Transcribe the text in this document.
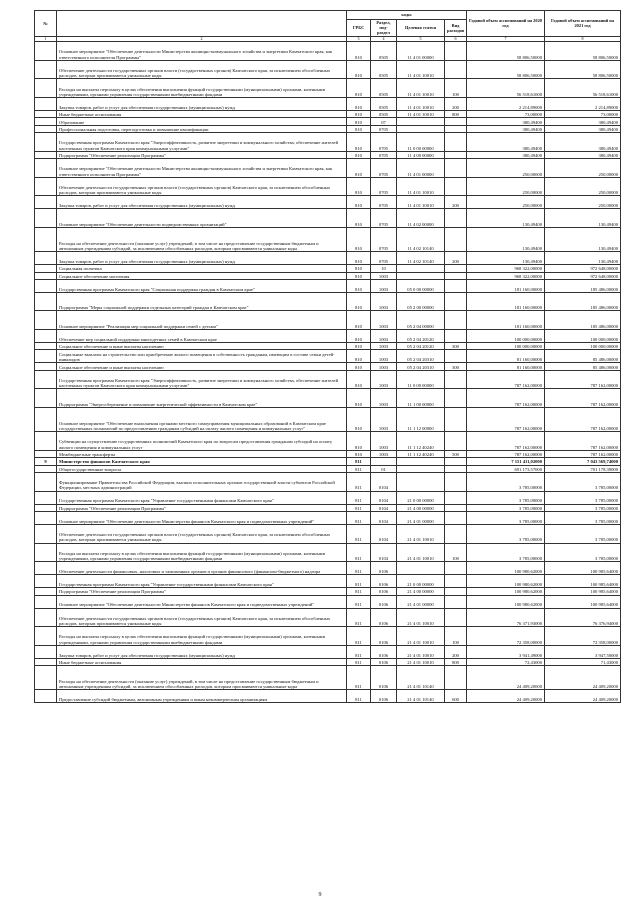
№		коды				Годовой объем ассигнований на 2020 год	Годовой объем ассигнований на 2021 год
		ГРБС	Раздел, под-раздел	Целевая статья	Вид расходов		
1	2	3	4	5	6	7	8
	Основное мероприятие "Обеспечение деятельности Министерства жилищно-коммунального хозяйства и энергетики Камчатского края, как ответственного исполнителя Программы"	810	0505	11 4 01 00000		58 806,50000	58 806,50000
	Обеспечение деятельности государственных органов власти (государственных органов) Камчатского края, за исключением обособленных расходов, которым присваиваются уникальные коды	810	0505	11 4 01 10010		58 806,50000	58 806,50000
	Расходы на выплаты персоналу в целях обеспечения выполнения функций государственными (муниципальными) органами, казенными учреждениями, органами управления государственными внебюджетными фондами	810	0505	11 4 01 10010	100	56 518,61000	56 518,61000
	Закупка товаров, работ и услуг для обеспечения государственных (муниципальных) нужд	810	0505	11 4 01 10010	200	2 214,89000	2 214,89000
	Иные бюджетные ассигнования	810	0505	11 4 01 10010	800	73,00000	73,00000
	Образование	810	07			380,49400	380,49400
	Профессиональная подготовка, переподготовка и повышение квалификации	810	0705			380,49400	380,49400
	Государственная программа Камчатского края "Энергоэффективность, развитие энергетики и коммунального хозяйства, обеспечение жителей населенных пунктов Камчатского края коммунальными услугами"	810	0705	11 0 00 00000		380,49400	380,49400
	Подпрограмма "Обеспечение реализации Программы"	810	0705	11 4 00 00000		380,49400	380,49400
	Основное мероприятие "Обеспечение деятельности Министерства жилищно-коммунального хозяйства и энергетики Камчатского края, как ответственного исполнителя Программы"	810	0705	11 4 01 00000		250,00000	250,00000
	Обеспечение деятельности государственных органов власти (государственных органов) Камчатского края, за исключением обособленных расходов, которым присваиваются уникальные коды	810	0705	11 4 01 10010		250,00000	250,00000
	Закупка товаров, работ и услуг для обеспечения государственных (муниципальных) нужд	810	0705	11 4 01 10010	200	250,00000	250,00000
	Основное мероприятие "Обеспечение деятельности подведомственных организаций"	810	0705	11 4 02 00000		130,49400	130,49400
	Расходы на обеспечение деятельности (оказание услуг) учреждений, в том числе на предоставление государственным бюджетным и автономным учреждениям субсидий, за исключением обособленных расходов, которым присваиваются уникальные коды	810	0705	11 4 02 10140		130,49400	130,49400
	Закупка товаров, работ и услуг для обеспечения государственных (муниципальных) нужд	810	0705	11 4 02 10140	200	130,49400	130,49400
	Социальная политика	810	10			968 322,00000	972 648,00000
	Социальное обеспечение населения	810	1003			968 322,00000	972 648,00000
	Государственная программа Камчатского края "Социальная поддержка граждан в Камчатском крае"	810	1003	05 0 00 00000		181 160,00000	185 486,00000
	Подпрограмма "Меры социальной поддержки отдельных категорий граждан в Камчатском крае"	810	1003	05 2 00 00000		181 160,00000	185 486,00000
	Основное мероприятие "Реализация мер социальной поддержки семей с детьми"	810	1003	05 2 04 00000		181 160,00000	185 486,00000
	Обеспечение мер социальной поддержки многодетных семей в Камчатском крае	810	1003	05 2 04 20120		100 000,00000	100 000,00000
	Социальное обеспечение и иные выплаты населению	810	1003	05 2 04 20120	300	100 000,00000	100 000,00000
	Социальные выплаты на строительство или приобретение жилого помещения в собственность гражданам, имеющим в составе семьи детей-инвалидов	810	1003	05 2 04 20310		81 160,00000	85 486,00000
	Социальное обеспечение и иные выплаты населению	810	1003	05 2 04 20310	300	81 160,00000	85 486,00000
	Государственная программа Камчатского края "Энергоэффективность, развитие энергетики и коммунального хозяйства, обеспечение жителей населенных пунктов Камчатского края коммунальными услугами"	810	1003	11 0 00 00000		787 162,00000	787 162,00000
	Подпрограмма "Энергосбережение и повышение энергетической эффективности в Камчатском крае"	810	1003	11 1 00 00000		787 162,00000	787 162,00000
	Основное мероприятие "Обеспечение выполнения органами местного самоуправления муниципальных образований в Камчатском крае государственных полномочий по предоставлению гражданам субсидий на оплату жилого помещения и коммунальных услуг"	810	1003	11 1 12 00000		787 162,00000	787 162,00000
	Субвенции на осуществление государственных полномочий Камчатского края по вопросам предоставления гражданам субсидий на оплату жилого помещения и коммунальных услуг	810	1003	11 1 12 40240		787 162,00000	787 162,00000
	Межбюджетные трансферты	810	1003	11 1 12 40240	500	787 162,00000	787 162,00000
9	Министерство финансов Камчатского края	811				7 151 411,02000	7 043 569,74000
	Общегосударственные вопросы	811	01			691 173,57000	701 178,39000
	Функционирование Правительства Российской Федерации, высших исполнительных органов государственной власти субъектов Российской Федерации, местных администраций	811	0104			3 785,00000	3 785,00000
	Государственная программа Камчатского края "Управление государственными финансами Камчатского края"	811	0104	21 0 00 00000		3 785,00000	3 785,00000
	Подпрограмма "Обеспечение реализации Программы"	811	0104	21 4 00 00000		3 785,00000	3 785,00000
	Основное мероприятие "Обеспечение деятельности Министерства финансов Камчатского края и подведомственных учреждений"	811	0104	21 4 01 00000		3 785,00000	3 785,00000
	Обеспечение деятельности государственных органов власти (государственных органов) Камчатского края, за исключением обособленных расходов, которым присваиваются уникальные коды	811	0104	21 4 01 10010		3 785,00000	3 785,00000
	Расходы на выплаты персоналу в целях обеспечения выполнения функций государственными (муниципальными) органами, казенными учреждениями, органами управления государственными внебюджетными фондами	811	0104	21 4 01 10010	100	3 785,00000	3 785,00000
	Обеспечение деятельности финансовых, налоговых и таможенных органов и органов финансового (финансово-бюджетного) надзора	811	0106			100 980,62000	100 985,64000
	Государственная программа Камчатского края "Управление государственными финансами Камчатского края"	811	0106	21 0 00 00000		100 980,62000	100 985,64000
	Подпрограмма "Обеспечение реализации Программы"	811	0106	21 4 00 00000		100 980,62000	100 985,64000
	Основное мероприятие "Обеспечение деятельности Министерства финансов Камчатского края и подведомственных учреждений"	811	0106	21 4 01 00000		100 980,62000	100 985,64000
	Обеспечение деятельности государственных органов власти (государственных органов) Камчатского края, за исключением обособленных расходов, которым присваиваются уникальные коды	811	0106	21 4 01 10010		76 371,93000	76 376,94000
	Расходы на выплаты персоналу в целях обеспечения выполнения функций государственными (муниципальными) органами, казенными учреждениями, органами управления государственными внебюджетными фондами	811	0106	21 4 01 10010	100	72 358,00000	72 358,00000
	Закупка товаров, работ и услуг для обеспечения государственных (муниципальных) нужд	811	0106	21 4 01 10010	200	3 941,49000	3 947,50000
	Иные бюджетные ассигнования	811	0106	21 4 01 10010	800	72,43000	71,43000
	Расходы на обеспечение деятельности (оказание услуг) учреждений, в том числе на предоставление государственным бюджетным и автономным учреждениям субсидий, за исключением обособленных расходов, которым присваиваются уникальные коды	811	0106	21 4 01 10140		24 409,20000	24 409,20000
	Предоставление субсидий бюджетным, автономным учреждениям и иным некоммерческим организациям	811	0106	21 4 01 10140	600	24 409,20000	24 409,20000
9
